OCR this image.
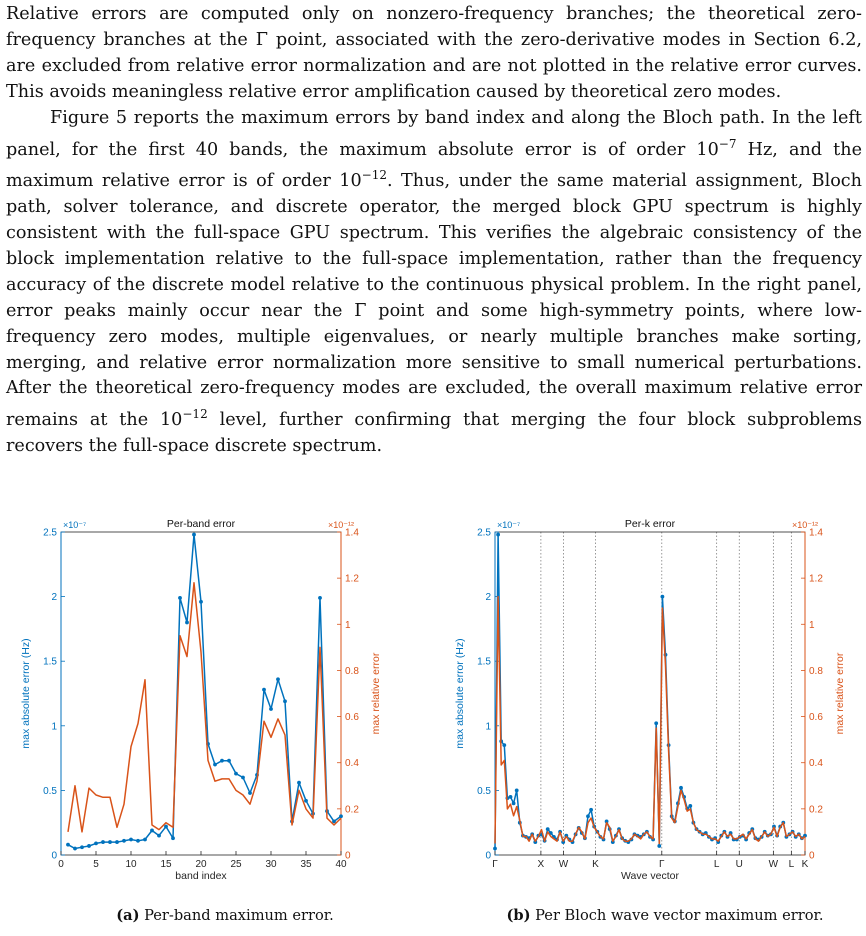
Relative errors are computed only on nonzero-frequency branches; the theoretical zero-frequency branches at the Γ point, associated with the zero-derivative modes in Section 6.2, are excluded from relative error normalization and are not plotted in the relative error curves. This avoids meaningless relative error amplification caused by theoretical zero modes.

Figure 5 reports the maximum errors by band index and along the Bloch path. In the left panel, for the first 40 bands, the maximum absolute error is of order $10^{-7}$ Hz, and the maximum relative error is of order $10^{-12}$. Thus, under the same material assignment, Bloch path, solver tolerance, and discrete operator, the merged block GPU spectrum is highly consistent with the full-space GPU spectrum. This verifies the algebraic consistency of the block implementation relative to the full-space implementation, rather than the frequency accuracy of the discrete model relative to the continuous physical problem. In the right panel, error peaks mainly occur near the Γ point and some high-symmetry points, where low-frequency zero modes, multiple eigenvalues, or nearly multiple branches make sorting, merging, and relative error normalization more sensitive to small numerical perturbations. After the theoretical zero-frequency modes are excluded, the overall maximum relative error remains at the $10^{-12}$ level, further confirming that merging the four block subproblems recovers the full-space discrete spectrum.

0	5	10 15 20 25 30 35 40
0
0.5
1
1.5
2
2.5
0
0.2
0.4
0.6
0.8
1
1.2
1.4
×10⁻⁷	×10⁻¹²
Per-band error
band index
max absolute error (Hz)	max relative error
Γ	X W K	Γ	L U	W L K
0
0.5
1
1.5
2
2.5
0
0.2
0.4
0.6
0.8
1
1.2
1.4
×10⁻⁷	×10⁻¹²
Per-k error
Wave vector
max absolute error (Hz)	max relative error
(a) Per-band maximum error.	(b) Per Bloch wave vector maximum error.
